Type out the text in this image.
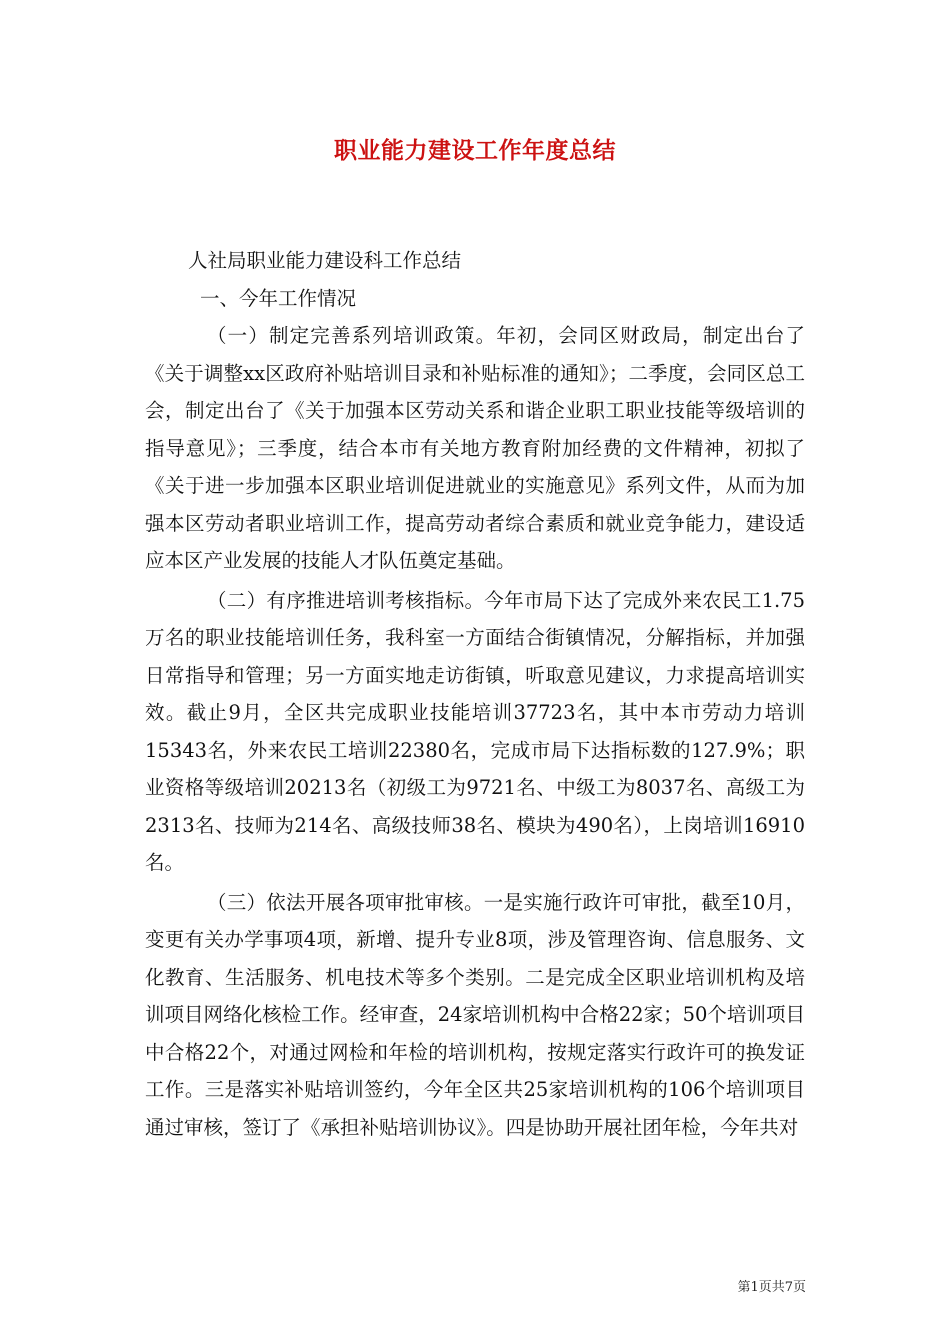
职业能力建设工作年度总结

人社局职业能力建设科工作总结

一、今年工作情况

（一）制定完善系列培训政策。年初，会同区财政局，制定出台了《关于调整xx区政府补贴培训目录和补贴标准的通知》；二季度，会同区总工会，制定出台了《关于加强本区劳动关系和谐企业职工职业技能等级培训的指导意见》；三季度，结合本市有关地方教育附加经费的文件精神，初拟了《关于进一步加强本区职业培训促进就业的实施意见》系列文件，从而为加强本区劳动者职业培训工作，提高劳动者综合素质和就业竞争能力，建设适应本区产业发展的技能人才队伍奠定基础。

（二）有序推进培训考核指标。今年市局下达了完成外来农民工1.75万名的职业技能培训任务，我科室一方面结合街镇情况，分解指标，并加强日常指导和管理；另一方面实地走访街镇，听取意见建议，力求提高培训实效。截止9月，全区共完成职业技能培训37723名，其中本市劳动力培训15343名，外来农民工培训22380名，完成市局下达指标数的127.9%；职业资格等级培训20213名（初级工为9721名、中级工为8037名、高级工为2313名、技师为214名、高级技师38名、模块为490名），上岗培训16910名。

（三）依法开展各项审批审核。一是实施行政许可审批，截至10月，变更有关办学事项4项，新增、提升专业8项，涉及管理咨询、信息服务、文化教育、生活服务、机电技术等多个类别。二是完成全区职业培训机构及培训项目网络化核检工作。经审查，24家培训机构中合格22家；50个培训项目中合格22个，对通过网检和年检的培训机构，按规定落实行政许可的换发证工作。三是落实补贴培训签约，今年全区共25家培训机构的106个培训项目通过审核，签订了《承担补贴培训协议》。四是协助开展社团年检，今年共对

第1页共7页
